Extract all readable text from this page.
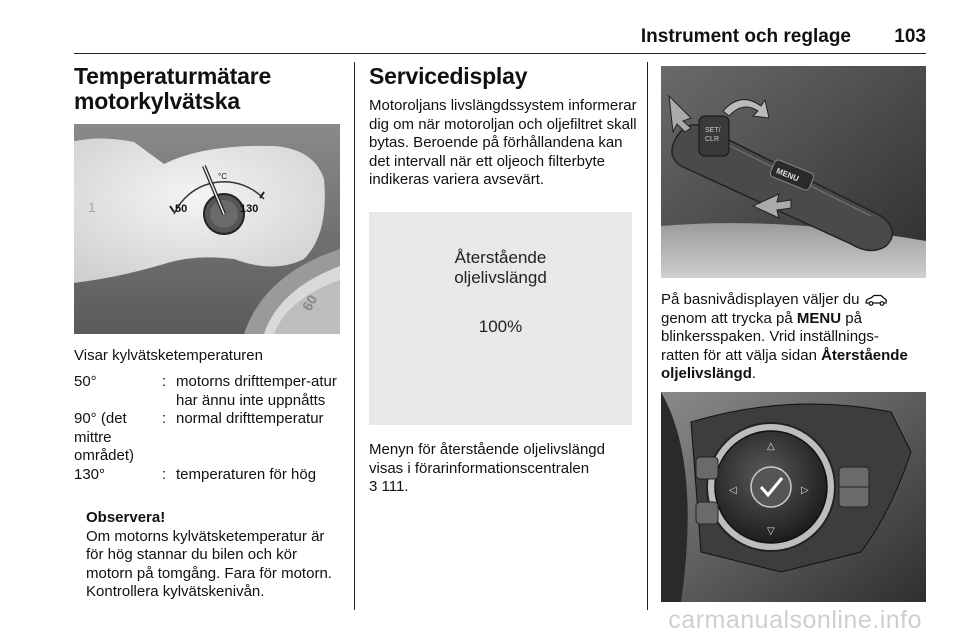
Instrument och reglage 103
Temperaturmätare
motorkylvätska
50	130
°C
1
60

Visar kylvätsketemperaturen

50°	: motorns drifttemper-atur har ännu inte uppnåtts
90° (det mittre området)
: normal drifttemperatur
130°	: temperaturen för hög
Observera!
Om motorns kylvätsketemperatur är för hög stannar du bilen och kör motorn på tomgång. Fara för motorn. Kontrollera kylvätskenivån.
Servicedisplay

Motoroljans livslängdssystem informerar dig om när motoroljan och oljefiltret skall bytas. Beroende på förhållandena kan det intervall när ett oljeoch filterbyte indikeras variera avsevärt.

Återstående
oljelivslängd
100%

Menyn för återstående oljelivslängd visas i förarinformationscentralen
3 111.

SET/
CLR
MENU

På basnivådisplayen väljer du
genom att trycka på MENU på
blinkersspaken. Vrid inställnings-
ratten för att välja sidan Återstående
oljelivslängd.

△
▽
◁	▷
carmanualsonline.info
